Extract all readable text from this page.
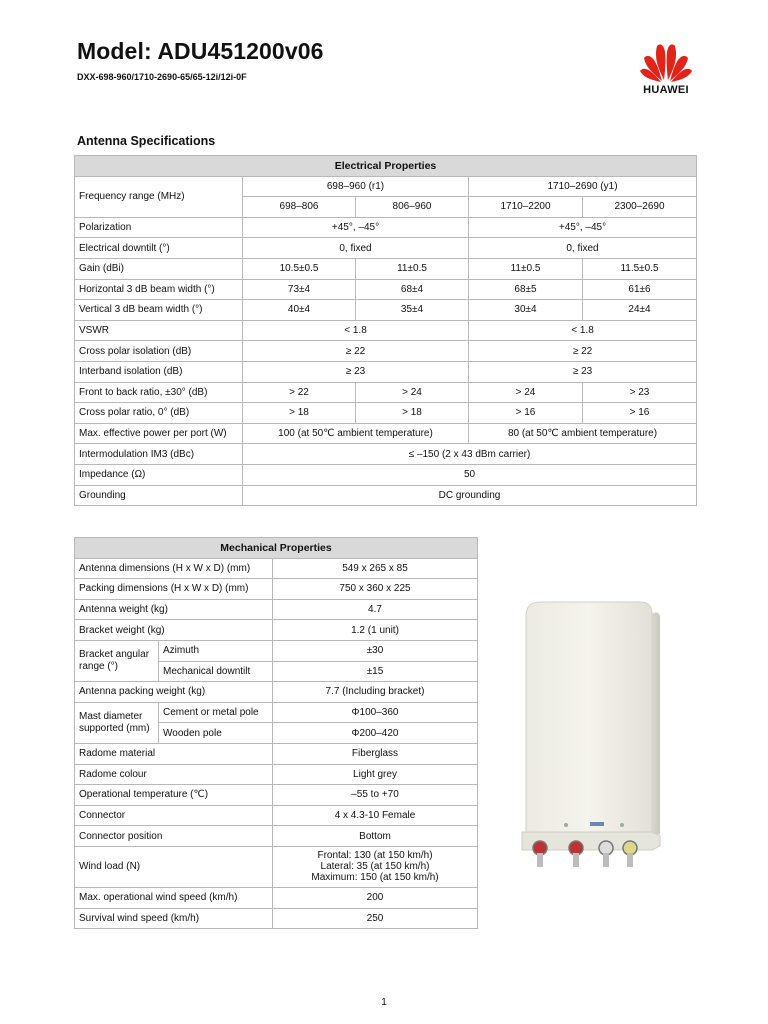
Model: ADU451200v06
DXX-698-960/1710-2690-65/65-12i/12i-0F
HUAWEI
Antenna Specifications
Electrical Properties				
Frequency range (MHz)	698–960 (r1)		1710–2690 (y1)	
	698–806	806–960	1710–2200	2300–2690
Polarization	+45°, –45°		+45°, –45°	
Electrical downtilt (°)	0, fixed		0, fixed	
Gain (dBi)	10.5±0.5	11±0.5	11±0.5	11.5±0.5
Horizontal 3 dB beam width (°)	73±4	68±4	68±5	61±6
Vertical 3 dB beam width (°)	40±4	35±4	30±4	24±4
VSWR	< 1.8		< 1.8	
Cross polar isolation (dB)	≥ 22		≥ 22	
Interband isolation (dB)	≥ 23		≥ 23	
Front to back ratio, ±30° (dB)	> 22	> 24	> 24	> 23
Cross polar ratio, 0° (dB)	> 18	> 18	> 16	> 16
Max. effective power per port (W)	100 (at 50℃ ambient temperature)		80 (at 50℃ ambient temperature)	
Intermodulation IM3 (dBc)	≤ –150 (2 x 43 dBm carrier)			
Impedance (Ω)	50			
Grounding	DC grounding			
Mechanical Properties		
Antenna dimensions (H x W x D) (mm)		549 x 265 x 85
Packing dimensions (H x W x D) (mm)		750 x 360 x 225
Antenna weight (kg)		4.7
Bracket weight (kg)		1.2 (1 unit)
Bracket angular range (°)	Azimuth	±30
	Mechanical downtilt	±15
Antenna packing weight (kg)		7.7 (Including bracket)
Mast diameter supported (mm)	Cement or metal pole	Φ100–360
	Wooden pole	Φ200–420
Radome material		Fiberglass
Radome colour		Light grey
Operational temperature (℃)		–55 to +70
Connector		4 x 4.3-10 Female
Connector position		Bottom
Wind load (N)		Frontal: 130 (at 150 km/h)
Lateral: 35 (at 150 km/h)
Maximum: 150 (at 150 km/h)

Max. operational wind speed (km/h)		200
Survival wind speed (km/h)		250
1
